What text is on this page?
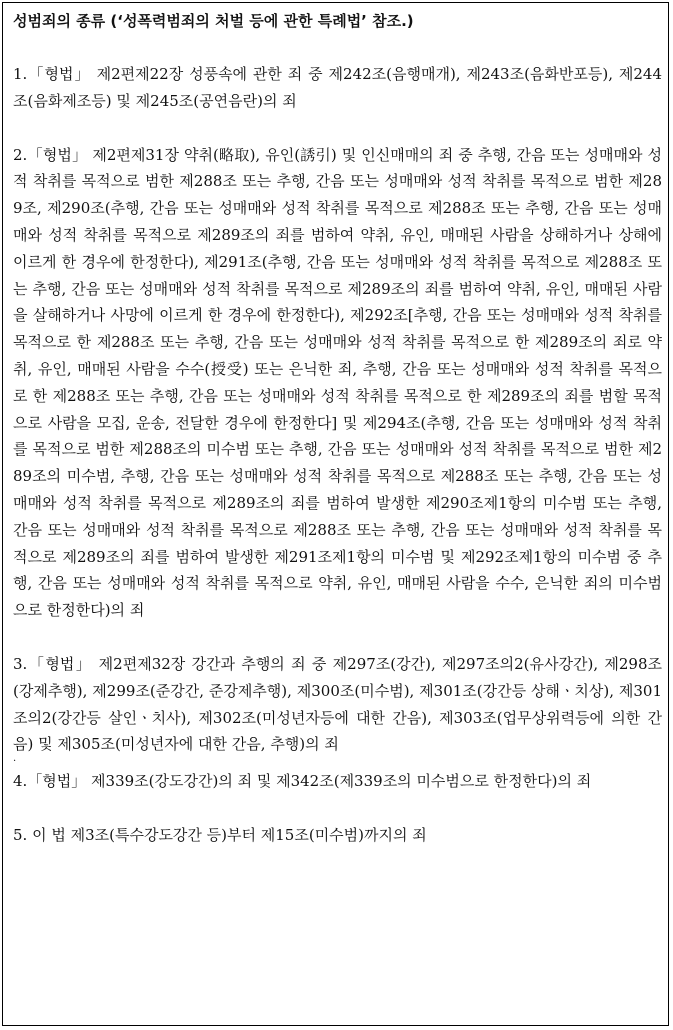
성범죄의 종류 (‘성폭력범죄의 처벌 등에 관한 특례법’ 참조.)

1.「형법」 제2편제22장 성풍속에 관한 죄 중 제242조(음행매개), 제243조(음화반포등), 제244조(음화제조등) 및 제245조(공연음란)의 죄

2.「형법」 제2편제31장 약취(略取), 유인(誘引) 및 인신매매의 죄 중 추행, 간음 또는 성매매와 성적 착취를 목적으로 범한 제288조 또는 추행, 간음 또는 성매매와 성적 착취를 목적으로 범한 제289조, 제290조(추행, 간음 또는 성매매와 성적 착취를 목적으로 제288조 또는 추행, 간음 또는 성매매와 성적 착취를 목적으로 제289조의 죄를 범하여 약취, 유인, 매매된 사람을 상해하거나 상해에 이르게 한 경우에 한정한다), 제291조(추행, 간음 또는 성매매와 성적 착취를 목적으로 제288조 또는 추행, 간음 또는 성매매와 성적 착취를 목적으로 제289조의 죄를 범하여 약취, 유인, 매매된 사람을 살해하거나 사망에 이르게 한 경우에 한정한다), 제292조[추행, 간음 또는 성매매와 성적 착취를 목적으로 한 제288조 또는 추행, 간음 또는 성매매와 성적 착취를 목적으로 한 제289조의 죄로 약취, 유인, 매매된 사람을 수수(授受) 또는 은닉한 죄, 추행, 간음 또는 성매매와 성적 착취를 목적으로 한 제288조 또는 추행, 간음 또는 성매매와 성적 착취를 목적으로 한 제289조의 죄를 범할 목적으로 사람을 모집, 운송, 전달한 경우에 한정한다] 및 제294조(추행, 간음 또는 성매매와 성적 착취를 목적으로 범한 제288조의 미수범 또는 추행, 간음 또는 성매매와 성적 착취를 목적으로 범한 제289조의 미수범, 추행, 간음 또는 성매매와 성적 착취를 목적으로 제288조 또는 추행, 간음 또는 성매매와 성적 착취를 목적으로 제289조의 죄를 범하여 발생한 제290조제1항의 미수범 또는 추행, 간음 또는 성매매와 성적 착취를 목적으로 제288조 또는 추행, 간음 또는 성매매와 성적 착취를 목적으로 제289조의 죄를 범하여 발생한 제291조제1항의 미수범 및 제292조제1항의 미수범 중 추행, 간음 또는 성매매와 성적 착취를 목적으로 약취, 유인, 매매된 사람을 수수, 은닉한 죄의 미수범으로 한정한다)의 죄

3.「형법」 제2편제32장 강간과 추행의 죄 중 제297조(강간), 제297조의2(유사강간), 제298조(강제추행), 제299조(준강간, 준강제추행), 제300조(미수범), 제301조(강간등 상해ㆍ치상), 제301조의2(강간등 살인ㆍ치사), 제302조(미성년자등에 대한 간음), 제303조(업무상위력등에 의한 간음) 및 제305조(미성년자에 대한 간음, 추행)의 죄

.

4.「형법」 제339조(강도강간)의 죄 및 제342조(제339조의 미수범으로 한정한다)의 죄

5. 이 법 제3조(특수강도강간 등)부터 제15조(미수범)까지의 죄
